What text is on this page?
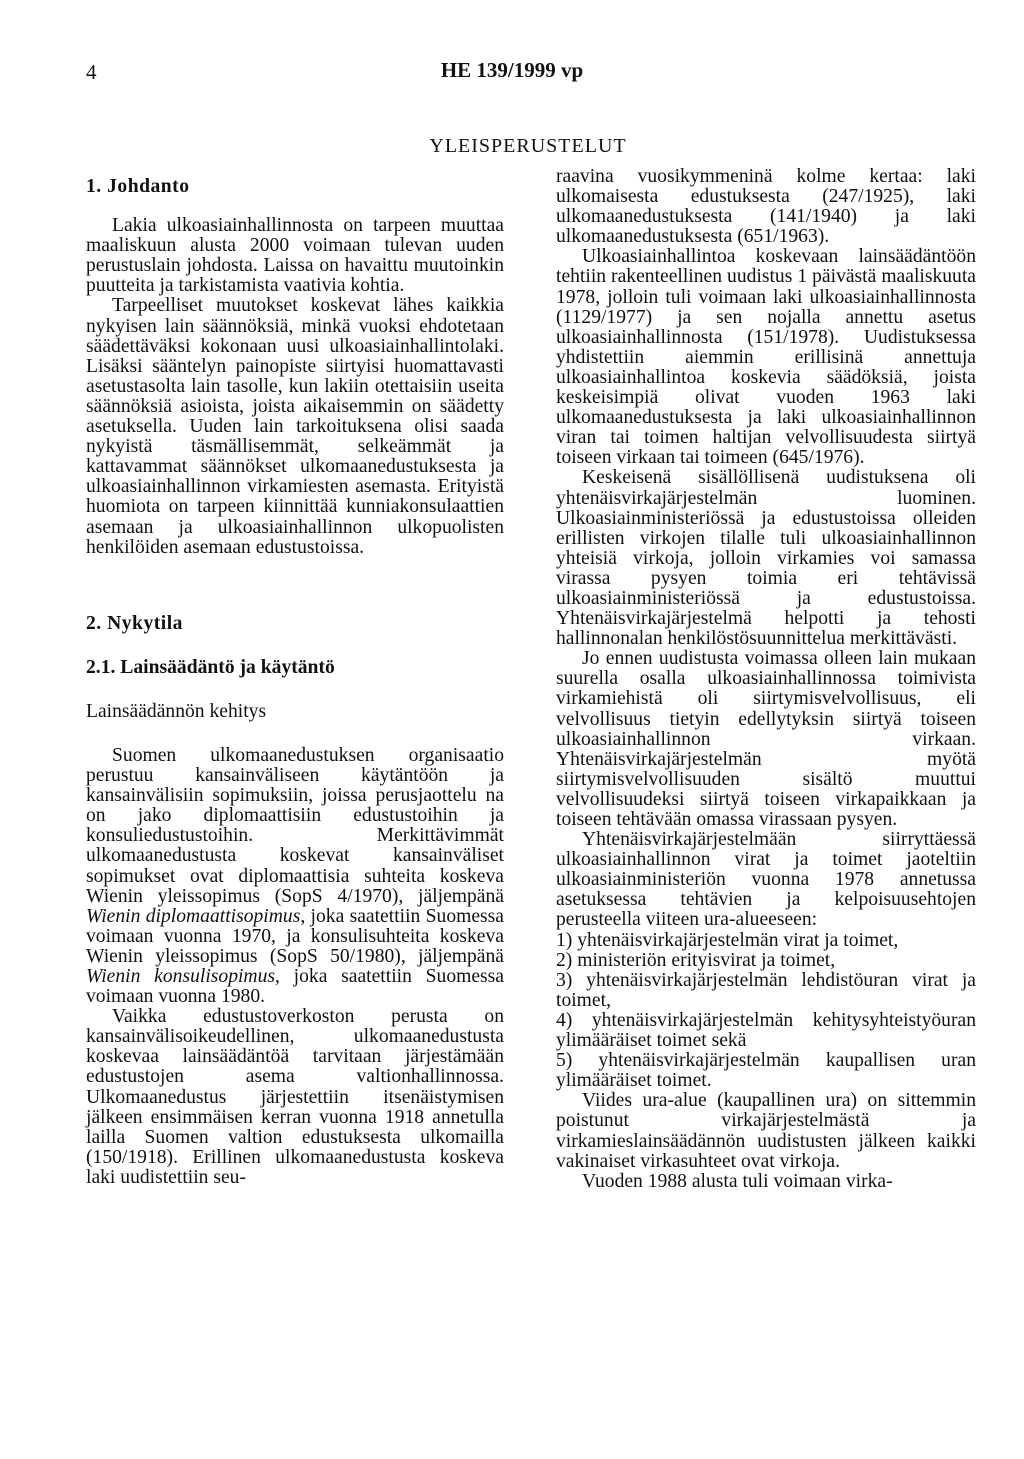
4	HE 139/1999 vp
YLEISPERUSTELUT
1. Johdanto

Lakia ulkoasiainhallinnosta on tarpeen muuttaa maaliskuun alusta 2000 voimaan tulevan uuden perustuslain johdosta. Laissa on havaittu muutoinkin puutteita ja tarkistamista vaativia kohtia.

Tarpeelliset muutokset koskevat lähes kaikkia nykyisen lain säännöksiä, minkä vuoksi ehdotetaan säädettäväksi kokonaan uusi ulkoasiainhallintolaki. Lisäksi sääntelyn painopiste siirtyisi huomattavasti asetustasolta lain tasolle, kun lakiin otettaisiin useita säännöksiä asioista, joista aikaisemmin on säädetty asetuksella. Uuden lain tarkoituksena olisi saada nykyistä täsmällisemmät, selkeämmät ja kattavammat säännökset ulkomaanedustuksesta ja ulkoasiainhallinnon virkamiesten asemasta. Erityistä huomiota on tarpeen kiinnittää kunniakonsulaattien asemaan ja ulkoasiainhallinnon ulkopuolisten henkilöiden asemaan edustustoissa.

2. Nykytila
2.1. Lainsäädäntö ja käytäntö
Lainsäädännön kehitys

Suomen ulkomaanedustuksen organisaatio perustuu kansainväliseen käytäntöön ja kansainvälisiin sopimuksiin, joissa perusjaottelu na on jako diplomaattisiin edustustoihin ja konsuliedustustoihin. Merkittävimmät ulkomaanedustusta koskevat kansainväliset sopimukset ovat diplomaattisia suhteita koskeva Wienin yleissopimus (SopS 4/1970), jäljempänä Wienin diplomaattisopimus, joka saatettiin Suomessa voimaan vuonna 1970, ja konsulisuhteita koskeva Wienin yleissopimus (SopS 50/1980), jäljempänä Wienin konsulisopimus, joka saatettiin Suomessa voimaan vuonna 1980.

Vaikka edustustoverkoston perusta on kansainvälisoikeudellinen, ulkomaanedustusta koskevaa lainsäädäntöä tarvitaan järjestämään edustustojen asema valtionhallinnossa. Ulkomaanedustus järjestettiin itsenäistymisen jälkeen ensimmäisen kerran vuonna 1918 annetulla lailla Suomen valtion edustuksesta ulkomailla (150/1918). Erillinen ulkomaanedustusta koskeva laki uudistettiin seu-

raavina vuosikymmeninä kolme kertaa: laki ulkomaisesta edustuksesta (247/1925), laki ulkomaanedustuksesta (141/1940) ja laki ulkomaanedustuksesta (651/1963).

Ulkoasiainhallintoa koskevaan lainsäädäntöön tehtiin rakenteellinen uudistus 1 päivästä maaliskuuta 1978, jolloin tuli voimaan laki ulkoasiainhallinnosta (1129/1977) ja sen nojalla annettu asetus ulkoasiainhallinnosta (151/1978). Uudistuksessa yhdistettiin aiemmin erillisinä annettuja ulkoasiainhallintoa koskevia säädöksiä, joista keskeisimpiä olivat vuoden 1963 laki ulkomaanedustuksesta ja laki ulkoasiainhallinnon viran tai toimen haltijan velvollisuudesta siirtyä toiseen virkaan tai toimeen (645/1976).

Keskeisenä sisällöllisenä uudistuksena oli yhtenäisvirkajärjestelmän luominen. Ulkoasiainministeriössä ja edustustoissa olleiden erillisten virkojen tilalle tuli ulkoasiainhallinnon yhteisiä virkoja, jolloin virkamies voi samassa virassa pysyen toimia eri tehtävissä ulkoasiainministeriössä ja edustustoissa. Yhtenäisvirkajärjestelmä helpotti ja tehosti hallinnonalan henkilöstösuunnittelua merkittävästi.

Jo ennen uudistusta voimassa olleen lain mukaan suurella osalla ulkoasiainhallinnossa toimivista virkamiehistä oli siirtymisvelvollisuus, eli velvollisuus tietyin edellytyksin siirtyä toiseen ulkoasiainhallinnon virkaan. Yhtenäisvirkajärjestelmän myötä siirtymisvelvollisuuden sisältö muuttui velvollisuudeksi siirtyä toiseen virkapaikkaan ja toiseen tehtävään omassa virassaan pysyen.

Yhtenäisvirkajärjestelmään siirryttäessä ulkoasiainhallinnon virat ja toimet jaoteltiin ulkoasiainministeriön vuonna 1978 annetussa asetuksessa tehtävien ja kelpoisuusehtojen perusteella viiteen ura-alueeseen:

1) yhtenäisvirkajärjestelmän virat ja toimet,

2) ministeriön erityisvirat ja toimet,

3) yhtenäisvirkajärjestelmän lehdistöuran virat ja toimet,

4) yhtenäisvirkajärjestelmän kehitysyhteistyöuran ylimääräiset toimet sekä

5) yhtenäisvirkajärjestelmän kaupallisen uran ylimääräiset toimet.

Viides ura-alue (kaupallinen ura) on sittemmin poistunut virkajärjestelmästä ja virkamieslainsäädännön uudistusten jälkeen kaikki vakinaiset virkasuhteet ovat virkoja.

Vuoden 1988 alusta tuli voimaan virka-
